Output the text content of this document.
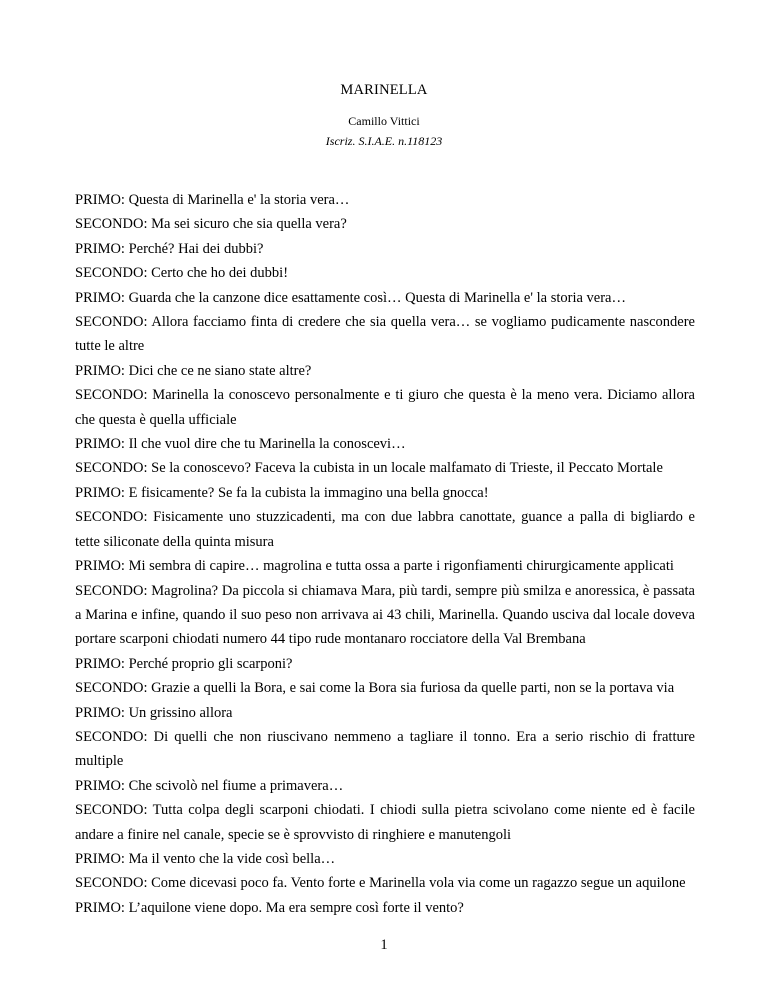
MARINELLA
Camillo Vittici
Iscriz. S.I.A.E. n.118123

PRIMO: Questa di Marinella e' la storia vera…

SECONDO: Ma sei sicuro che sia quella vera?

PRIMO: Perché? Hai dei dubbi?

SECONDO: Certo che ho dei dubbi!

PRIMO: Guarda che la canzone dice esattamente così… Questa di Marinella e' la storia vera…

SECONDO: Allora facciamo finta di credere che sia quella vera… se vogliamo pudicamente nascondere tutte le altre

PRIMO: Dici che ce ne siano state altre?

SECONDO: Marinella la conoscevo personalmente e ti giuro che questa è la meno vera. Diciamo allora che questa è quella ufficiale

PRIMO: Il che vuol dire che tu Marinella la conoscevi…

SECONDO: Se la conoscevo? Faceva la cubista in un locale malfamato di Trieste, il Peccato Mortale

PRIMO: E fisicamente? Se fa la cubista la immagino una bella gnocca!

SECONDO: Fisicamente uno stuzzicadenti, ma con due labbra canottate, guance a palla di bigliardo e tette siliconate della quinta misura

PRIMO: Mi sembra di capire… magrolina e tutta ossa a parte i rigonfiamenti chirurgicamente applicati

SECONDO: Magrolina? Da piccola si chiamava Mara, più tardi, sempre più smilza e anoressica, è passata a Marina e infine, quando il suo peso non arrivava ai 43 chili, Marinella. Quando usciva dal locale doveva portare scarponi chiodati numero 44 tipo rude montanaro rocciatore della Val Brembana

PRIMO: Perché proprio gli scarponi?

SECONDO: Grazie a quelli la Bora, e sai come la Bora sia furiosa da quelle parti, non se la portava via

PRIMO: Un grissino allora

SECONDO: Di quelli che non riuscivano nemmeno a tagliare il tonno. Era a serio rischio di fratture multiple

PRIMO: Che scivolò nel fiume a primavera…

SECONDO: Tutta colpa degli scarponi chiodati. I chiodi sulla pietra scivolano come niente ed è facile andare a finire nel canale, specie se è sprovvisto di ringhiere e manutengoli

PRIMO: Ma il vento che la vide così bella…

SECONDO: Come dicevasi poco fa. Vento forte e Marinella vola via come un ragazzo segue un aquilone

PRIMO: L’aquilone viene dopo. Ma era sempre così forte il vento?

1
